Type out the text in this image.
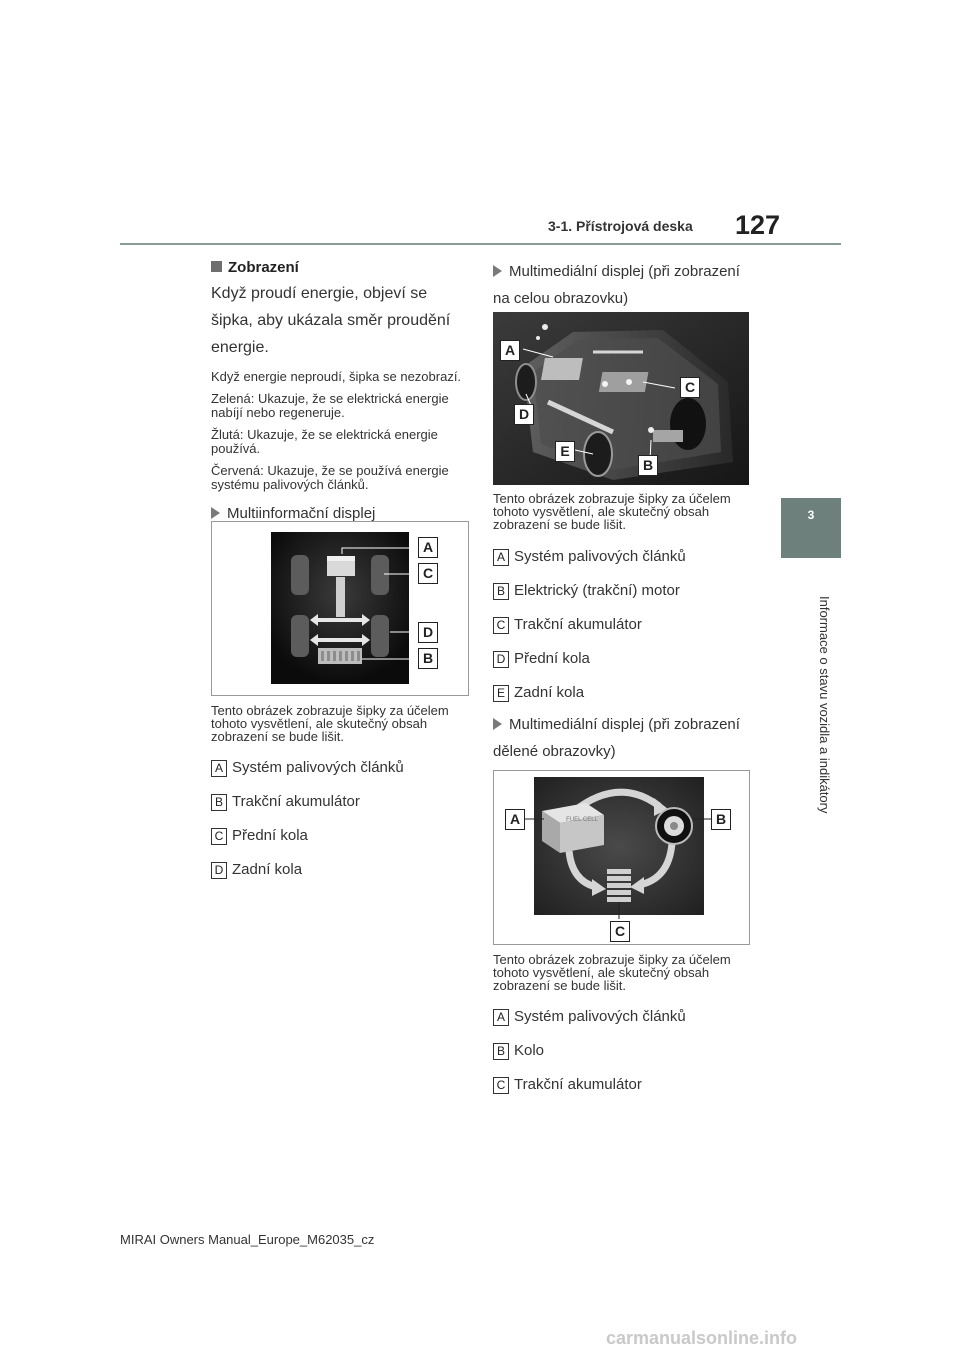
3-1. Přístrojová deska 127
3
Informace o stavu vozidla a indikátory
Zobrazení
Když proudí energie, objeví se šipka, aby ukázala směr proudění energie.
Když energie neproudí, šipka se nezobrazí.
Zelená: Ukazuje, že se elektrická energie nabíjí nebo regeneruje.
Žlutá: Ukazuje, že se elektrická energie používá.
Červená: Ukazuje, že se používá energie systému palivových článků.
Multiinformační displej
A
C
D
B
Tento obrázek zobrazuje šipky za účelem tohoto vysvětlení, ale skutečný obsah zobrazení se bude lišit.
A Systém palivových článků
B Trakční akumulátor
C Přední kola
D Zadní kola
Multimediální displej (při zobrazení na celou obrazovku)
A
C
D
E
B
Tento obrázek zobrazuje šipky za účelem tohoto vysvětlení, ale skutečný obsah zobrazení se bude lišit.
A Systém palivových článků
B Elektrický (trakční) motor
C Trakční akumulátor
D Přední kola
E Zadní kola
Multimediální displej (při zobrazení dělené obrazovky)
FUEL CELL
A	B
C
Tento obrázek zobrazuje šipky za účelem tohoto vysvětlení, ale skutečný obsah zobrazení se bude lišit.
A Systém palivových článků
B Kolo
C Trakční akumulátor
MIRAI Owners Manual_Europe_M62035_cz
carmanualsonline.info
